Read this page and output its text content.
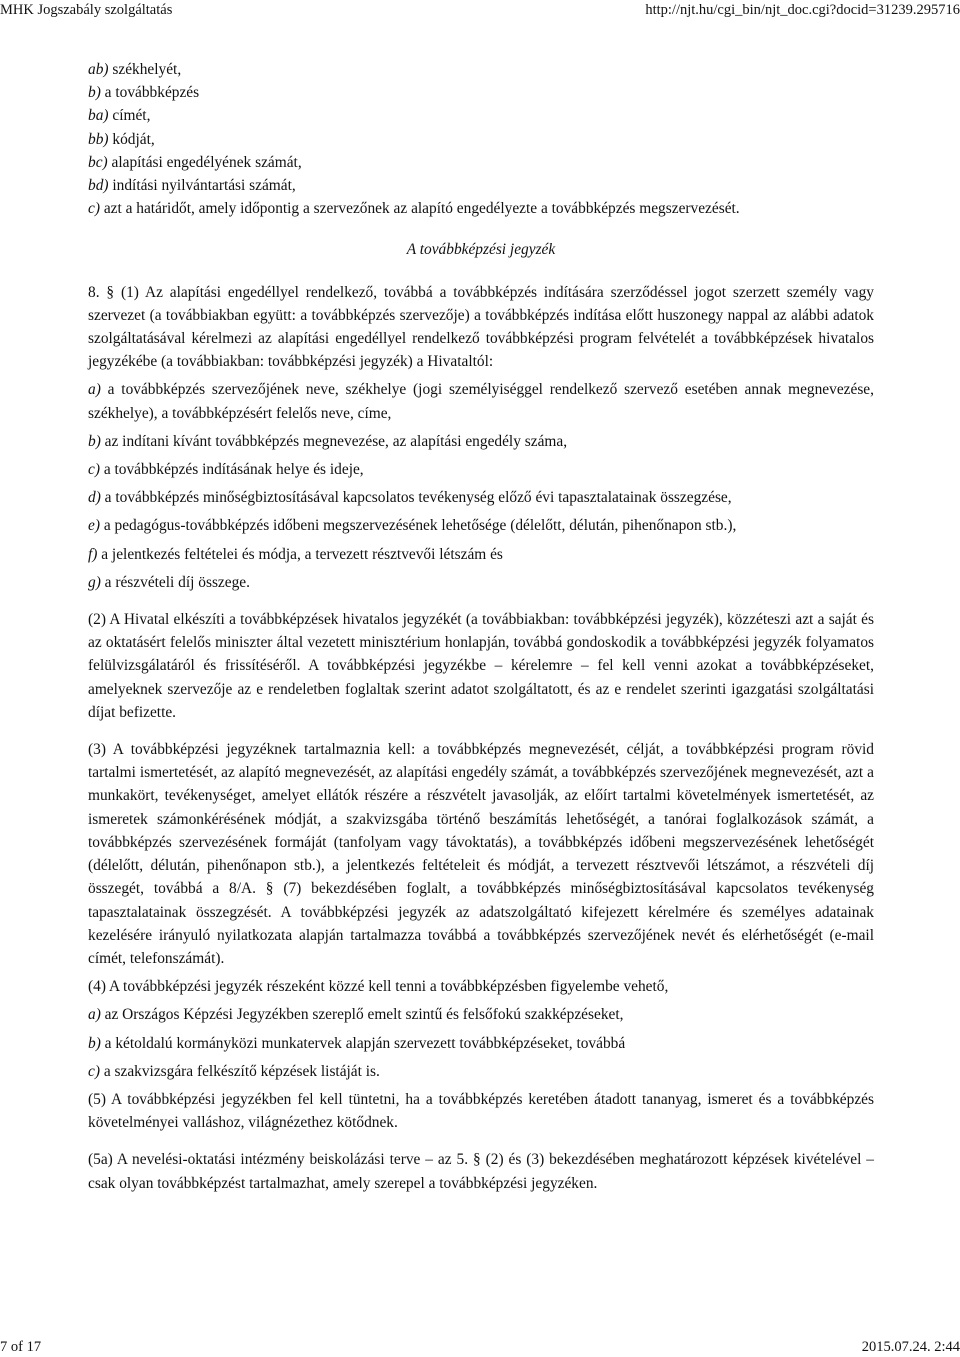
MHK Jogszabály szolgáltatás	http://njt.hu/cgi_bin/njt_doc.cgi?docid=31239.295716

ab) székhelyét,

b) a továbbképzés

ba) címét,

bb) kódját,

bc) alapítási engedélyének számát,

bd) indítási nyilvántartási számát,

c) azt a határidőt, amely időpontig a szervezőnek az alapító engedélyezte a továbbképzés megszervezését.

A továbbképzési jegyzék

8. § (1) Az alapítási engedéllyel rendelkező, továbbá a továbbképzés indítására szerződéssel jogot szerzett személy vagy szervezet (a továbbiakban együtt: a továbbképzés szervezője) a továbbképzés indítása előtt huszonegy nappal az alábbi adatok szolgáltatásával kérelmezi az alapítási engedéllyel rendelkező továbbképzési program felvételét a továbbképzések hivatalos jegyzékébe (a továbbiakban: továbbképzési jegyzék) a Hivataltól:

a) a továbbképzés szervezőjének neve, székhelye (jogi személyiséggel rendelkező szervező esetében annak megnevezése, székhelye), a továbbképzésért felelős neve, címe,

b) az indítani kívánt továbbképzés megnevezése, az alapítási engedély száma,

c) a továbbképzés indításának helye és ideje,

d) a továbbképzés minőségbiztosításával kapcsolatos tevékenység előző évi tapasztalatainak összegzése,

e) a pedagógus-továbbképzés időbeni megszervezésének lehetősége (délelőtt, délután, pihenőnapon stb.),

f) a jelentkezés feltételei és módja, a tervezett résztvevői létszám és

g) a részvételi díj összege.

(2) A Hivatal elkészíti a továbbképzések hivatalos jegyzékét (a továbbiakban: továbbképzési jegyzék), közzéteszi azt a saját és az oktatásért felelős miniszter által vezetett minisztérium honlapján, továbbá gondoskodik a továbbképzési jegyzék folyamatos felülvizsgálatáról és frissítéséről. A továbbképzési jegyzékbe – kérelemre – fel kell venni azokat a továbbképzéseket, amelyeknek szervezője az e rendeletben foglaltak szerint adatot szolgáltatott, és az e rendelet szerinti igazgatási szolgáltatási díjat befizette.

(3) A továbbképzési jegyzéknek tartalmaznia kell: a továbbképzés megnevezését, célját, a továbbképzési program rövid tartalmi ismertetését, az alapító megnevezését, az alapítási engedély számát, a továbbképzés szervezőjének megnevezését, azt a munkakört, tevékenységet, amelyet ellátók részére a részvételt javasolják, az előírt tartalmi követelmények ismertetését, az ismeretek számonkérésének módját, a szakvizsgába történő beszámítás lehetőségét, a tanórai foglalkozások számát, a továbbképzés szervezésének formáját (tanfolyam vagy távoktatás), a továbbképzés időbeni megszervezésének lehetőségét (délelőtt, délután, pihenőnapon stb.), a jelentkezés feltételeit és módját, a tervezett résztvevői létszámot, a részvételi díj összegét, továbbá a 8/A. § (7) bekezdésében foglalt, a továbbképzés minőségbiztosításával kapcsolatos tevékenység tapasztalatainak összegzését. A továbbképzési jegyzék az adatszolgáltató kifejezett kérelmére és személyes adatainak kezelésére irányuló nyilatkozata alapján tartalmazza továbbá a továbbképzés szervezőjének nevét és elérhetőségét (e-mail címét, telefonszámát).

(4) A továbbképzési jegyzék részeként közzé kell tenni a továbbképzésben figyelembe vehető,

a) az Országos Képzési Jegyzékben szereplő emelt szintű és felsőfokú szakképzéseket,

b) a kétoldalú kormányközi munkatervek alapján szervezett továbbképzéseket, továbbá

c) a szakvizsgára felkészítő képzések listáját is.

(5) A továbbképzési jegyzékben fel kell tüntetni, ha a továbbképzés keretében átadott tananyag, ismeret és a továbbképzés követelményei valláshoz, világnézethez kötődnek.

(5a) A nevelési-oktatási intézmény beiskolázási terve – az 5. § (2) és (3) bekezdésében meghatározott képzések kivételével – csak olyan továbbképzést tartalmazhat, amely szerepel a továbbképzési jegyzéken.

7 of 17	2015.07.24. 2:44
